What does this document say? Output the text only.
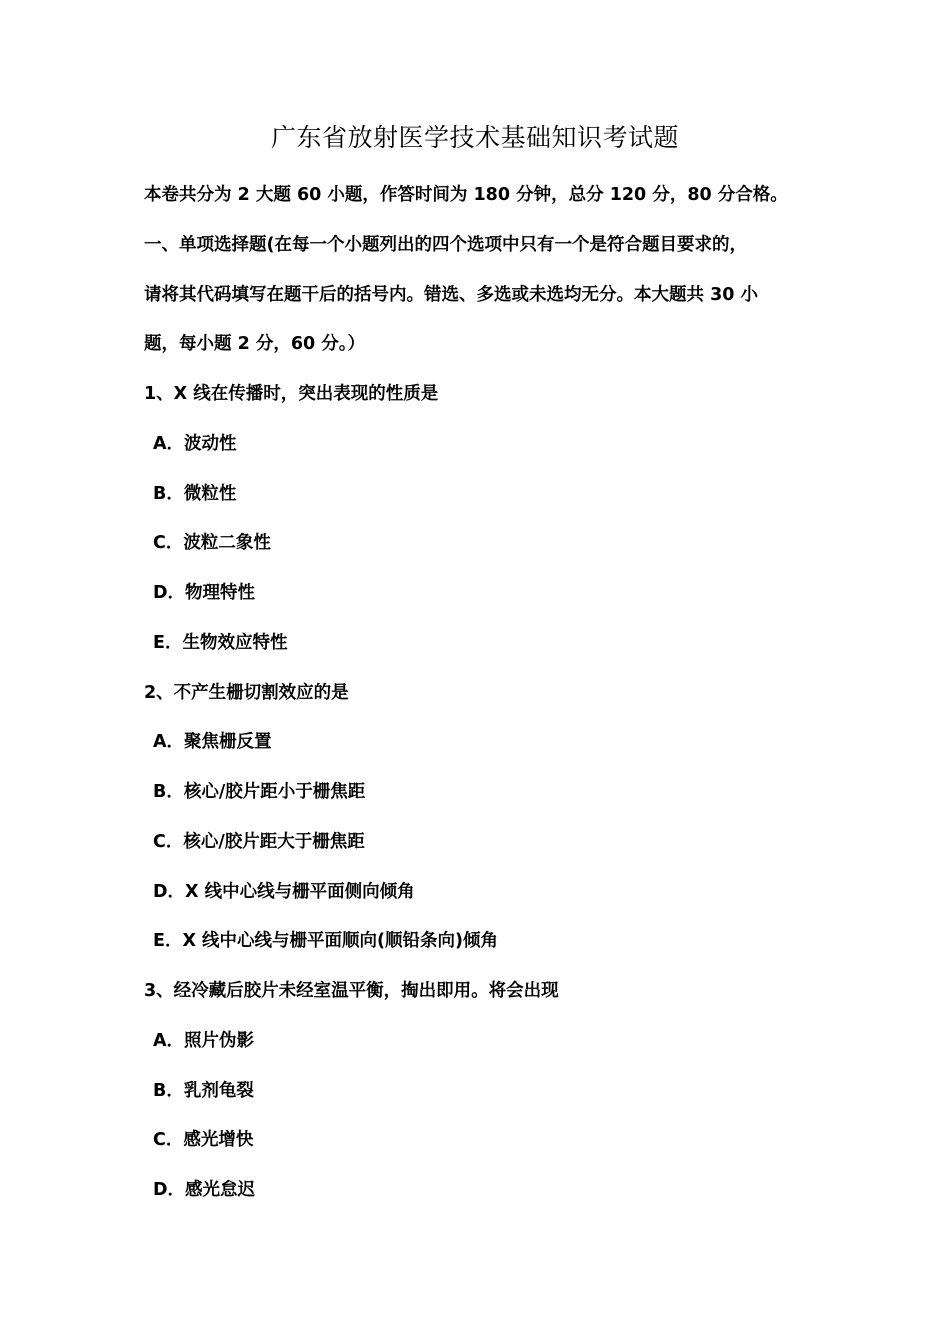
广东省放射医学技术基础知识考试题
本卷共分为 2 大题 60 小题，作答时间为 180 分钟，总分 120 分，80 分合格。
一、单项选择题(在每一个小题列出的四个选项中只有一个是符合题目要求的，
请将其代码填写在题干后的括号内。错选、多选或未选均无分。本大题共 30 小
题，每小题 2 分，60 分。）
1、X 线在传播时，突出表现的性质是
A．波动性
B．微粒性
C．波粒二象性
D．物理特性
E．生物效应特性
2、不产生栅切割效应的是
A．聚焦栅反置
B．核心/胶片距小于栅焦距
C．核心/胶片距大于栅焦距
D．X 线中心线与栅平面侧向倾角
E．X 线中心线与栅平面顺向(顺铅条向)倾角
3、经冷藏后胶片未经室温平衡，掏出即用。将会出现
A．照片伪影
B．乳剂龟裂
C．感光增快
D．感光怠迟
